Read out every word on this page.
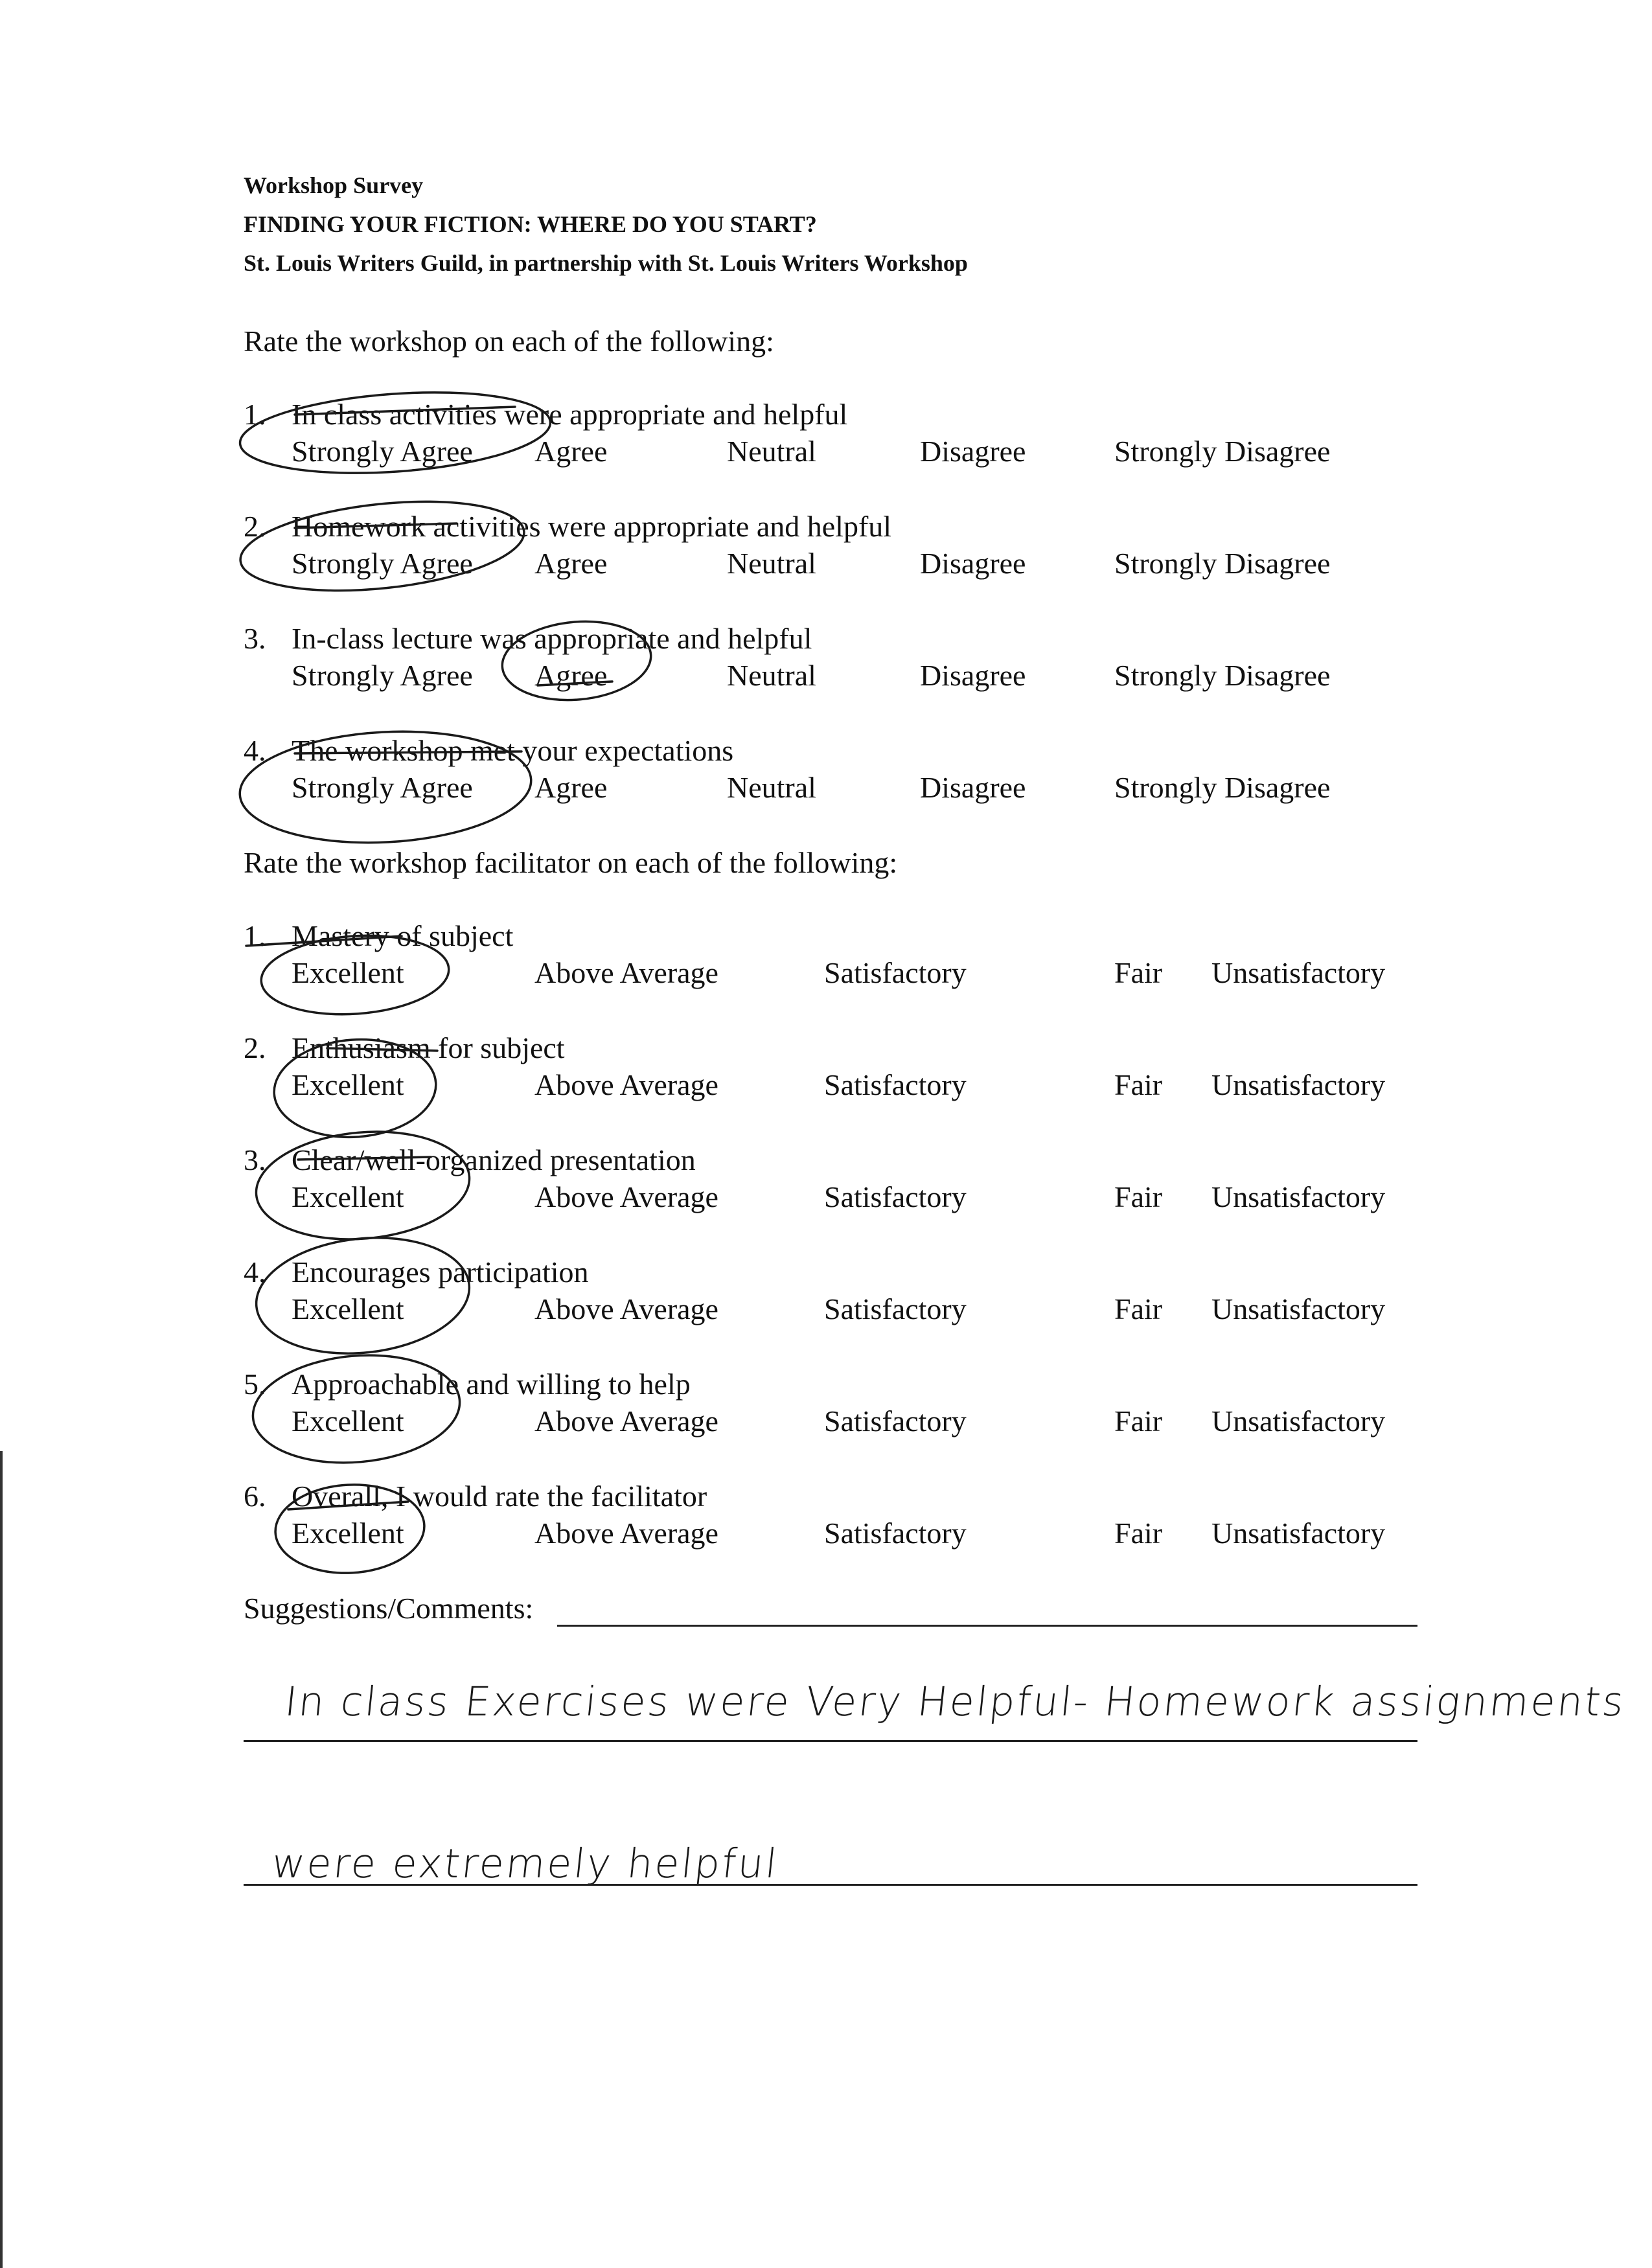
Workshop Survey
FINDING YOUR FICTION: WHERE DO YOU START?
St. Louis Writers Guild, in partnership with St. Louis Writers Workshop
Rate the workshop on each of the following:
1. In class activities were appropriate and helpful
Strongly Agree Agree	Neutral	Disagree	Strongly Disagree
2. Homework activities were appropriate and helpful
Strongly Agree Agree	Neutral	Disagree	Strongly Disagree
3. In-class lecture was appropriate and helpful
Strongly Agree Agree	Neutral	Disagree	Strongly Disagree
4. The workshop met your expectations
Strongly Agree Agree	Neutral	Disagree	Strongly Disagree
Rate the workshop facilitator on each of the following:
1. Mastery of subject
Excellent	Above Average	Satisfactory	Fair Unsatisfactory
2. Enthusiasm for subject
Excellent	Above Average	Satisfactory	Fair Unsatisfactory
3. Clear/well-organized presentation
Excellent	Above Average	Satisfactory	Fair Unsatisfactory
4. Encourages participation
Excellent	Above Average	Satisfactory	Fair Unsatisfactory
5. Approachable and willing to help
Excellent	Above Average	Satisfactory	Fair Unsatisfactory
6. Overall, I would rate the facilitator
Excellent	Above Average	Satisfactory	Fair Unsatisfactory
Suggestions/Comments:
In class Exercises were Very Helpful- Homework assignments
were extremely helpful
